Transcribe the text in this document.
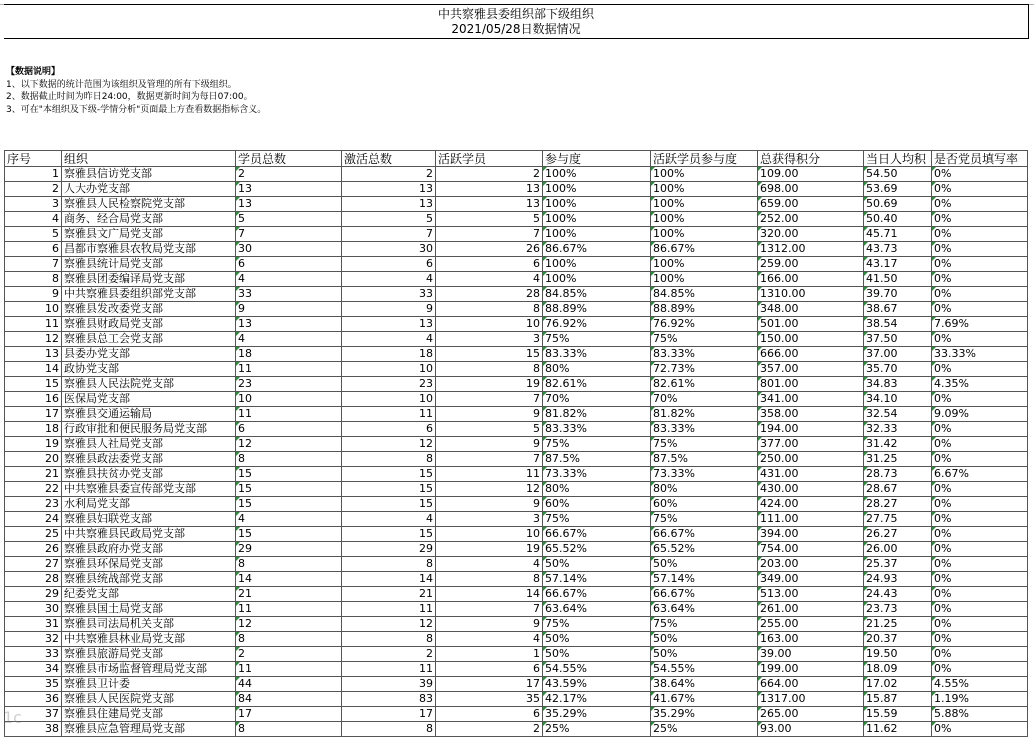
中共察雅县委组织部下级组织
2021/05/28日数据情况
【数据说明】
1、以下数据的统计范围为该组织及管理的所有下级组织。
2、数据截止时间为昨日24:00，数据更新时间为每日07:00。
3、可在"本组织及下级-学情分析"页面最上方查看数据指标含义。
序号	组织	学员总数	激活总数	活跃学员	参与度	活跃学员参与度	总获得积分	当日人均积	是否党员填写率
1	察雅县信访党支部	2	2	2	100%	100%	109.00	54.50	0%
2	人大办党支部	13	13	13	100%	100%	698.00	53.69	0%
3	察雅县人民检察院党支部	13	13	13	100%	100%	659.00	50.69	0%
4	商务、经合局党支部	5	5	5	100%	100%	252.00	50.40	0%
5	察雅县文广局党支部	7	7	7	100%	100%	320.00	45.71	0%
6	昌都市察雅县农牧局党支部	30	30	26	86.67%	86.67%	1312.00	43.73	0%
7	察雅县统计局党支部	6	6	6	100%	100%	259.00	43.17	0%
8	察雅县团委编译局党支部	4	4	4	100%	100%	166.00	41.50	0%
9	中共察雅县委组织部党支部	33	33	28	84.85%	84.85%	1310.00	39.70	0%
10	察雅县发改委党支部	9	9	8	88.89%	88.89%	348.00	38.67	0%
11	察雅县财政局党支部	13	13	10	76.92%	76.92%	501.00	38.54	7.69%
12	察雅县总工会党支部	4	4	3	75%	75%	150.00	37.50	0%
13	县委办党支部	18	18	15	83.33%	83.33%	666.00	37.00	33.33%
14	政协党支部	11	10	8	80%	72.73%	357.00	35.70	0%
15	察雅县人民法院党支部	23	23	19	82.61%	82.61%	801.00	34.83	4.35%
16	医保局党支部	10	10	7	70%	70%	341.00	34.10	0%
17	察雅县交通运输局	11	11	9	81.82%	81.82%	358.00	32.54	9.09%
18	行政审批和便民服务局党支部	6	6	5	83.33%	83.33%	194.00	32.33	0%
19	察雅县人社局党支部	12	12	9	75%	75%	377.00	31.42	0%
20	察雅县政法委党支部	8	8	7	87.5%	87.5%	250.00	31.25	0%
21	察雅县扶贫办党支部	15	15	11	73.33%	73.33%	431.00	28.73	6.67%
22	中共察雅县委宣传部党支部	15	15	12	80%	80%	430.00	28.67	0%
23	水利局党支部	15	15	9	60%	60%	424.00	28.27	0%
24	察雅县妇联党支部	4	4	3	75%	75%	111.00	27.75	0%
25	中共察雅县民政局党支部	15	15	10	66.67%	66.67%	394.00	26.27	0%
26	察雅县政府办党支部	29	29	19	65.52%	65.52%	754.00	26.00	0%
27	察雅县环保局党支部	8	8	4	50%	50%	203.00	25.37	0%
28	察雅县统战部党支部	14	14	8	57.14%	57.14%	349.00	24.93	0%
29	纪委党支部	21	21	14	66.67%	66.67%	513.00	24.43	0%
30	察雅县国土局党支部	11	11	7	63.64%	63.64%	261.00	23.73	0%
31	察雅县司法局机关支部	12	12	9	75%	75%	255.00	21.25	0%
32	中共察雅县林业局党支部	8	8	4	50%	50%	163.00	20.37	0%
33	察雅县旅游局党支部	2	2	1	50%	50%	39.00	19.50	0%
34	察雅县市场监督管理局党支部	11	11	6	54.55%	54.55%	199.00	18.09	0%
35	察雅县卫计委	44	39	17	43.59%	38.64%	664.00	17.02	4.55%
36	察雅县人民医院党支部	84	83	35	42.17%	41.67%	1317.00	15.87	1.19%
37	察雅县住建局党支部	17	17	6	35.29%	35.29%	265.00	15.59	5.88%
38	察雅县应急管理局党支部	8	8	2	25%	25%	93.00	11.62	0%
1c
